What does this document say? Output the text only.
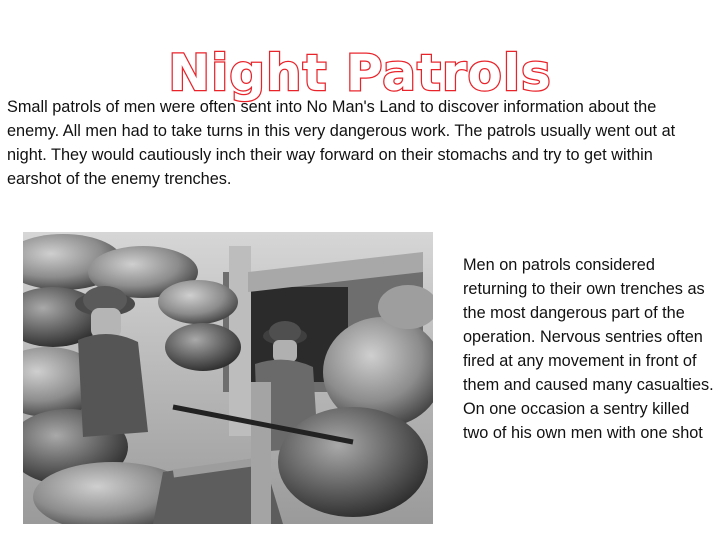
Night Patrols

Small patrols of men were often sent into No Man's Land to discover information about the enemy. All men had to take turns in this very dangerous work. The patrols usually went out at night. They would cautiously inch their way forward on their stomachs and try to get within earshot of the enemy trenches.

Men on patrols considered returning to their own trenches as the most dangerous part of the operation. Nervous sentries often fired at any movement in front of them and caused many casualties. On one occasion a sentry killed two of his own men with one shot
